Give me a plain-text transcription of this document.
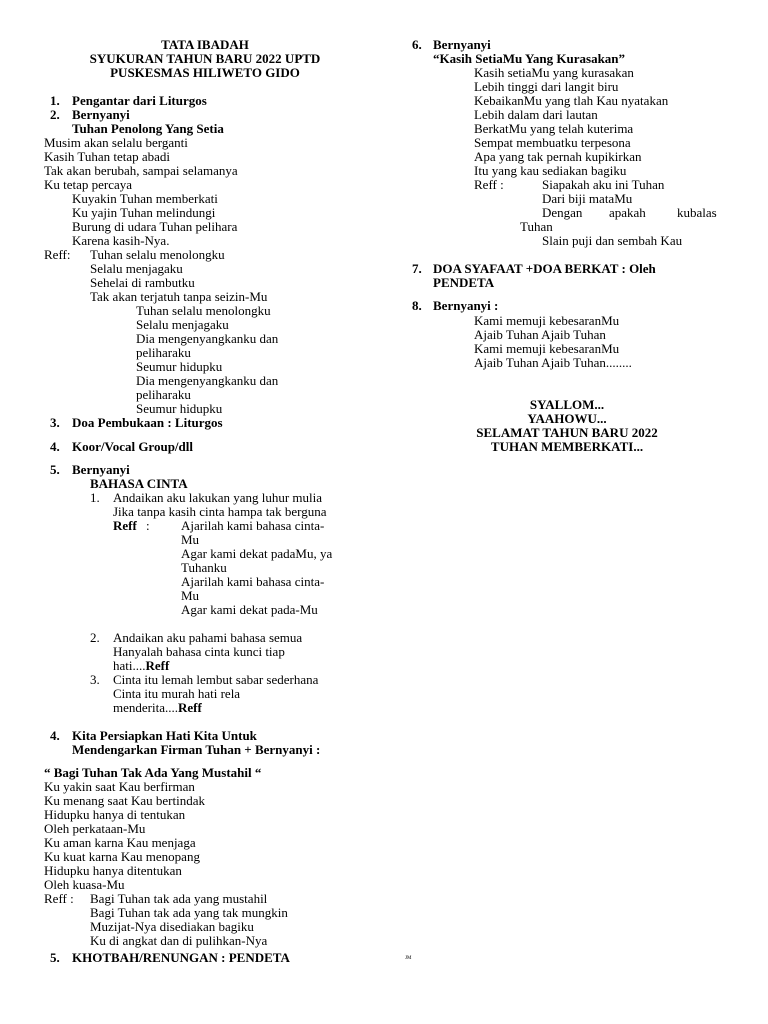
TATA IBADAH
SYUKURAN TAHUN BARU 2022 UPTD
PUSKESMAS HILIWETO GIDO
1. Pengantar dari Liturgos
2. Bernyanyi
Tuhan Penolong Yang Setia
Musim akan selalu berganti
Kasih Tuhan tetap abadi
Tak akan berubah, sampai selamanya
Ku tetap percaya
Kuyakin Tuhan memberkati
Ku yajin Tuhan melindungi
Burung di udara Tuhan pelihara
Karena kasih-Nya.
Reff: Tuhan selalu menolongku
Selalu menjagaku
Sehelai di rambutku
Tak akan terjatuh tanpa seizin-Mu
Tuhan selalu menolongku
Selalu menjagaku
Dia mengenyangkanku dan
peliharaku
Seumur hidupku
Dia mengenyangkanku dan
peliharaku
Seumur hidupku
3. Doa Pembukaan : Liturgos
4. Koor/Vocal Group/dll
5. Bernyanyi
BAHASA CINTA
1. Andaikan aku lakukan yang luhur mulia
Jika tanpa kasih cinta hampa tak berguna
Reff : Ajarilah kami bahasa cinta-
Mu
Agar kami dekat padaMu, ya
Tuhanku
Ajarilah kami bahasa cinta-
Mu
Agar kami dekat pada-Mu
2. Andaikan aku pahami bahasa semua
Hanyalah bahasa cinta kunci tiap
hati....Reff
3. Cinta itu lemah lembut sabar sederhana
Cinta itu murah hati rela
menderita....Reff
4. Kita Persiapkan Hati Kita Untuk
Mendengarkan Firman Tuhan + Bernyanyi :
“ Bagi Tuhan Tak Ada Yang Mustahil “
Ku yakin saat Kau berfirman
Ku menang saat Kau bertindak
Hidupku hanya di tentukan
Oleh perkataan-Mu
Ku aman karna Kau menjaga
Ku kuat karna Kau menopang
Hidupku hanya ditentukan
Oleh kuasa-Mu
Reff : Bagi Tuhan tak ada yang mustahil
Bagi Tuhan tak ada yang tak mungkin
Muzijat-Nya disediakan bagiku
Ku di angkat dan di pulihkan-Nya
5. KHOTBAH/RENUNGAN : PENDETA
6. Bernyanyi
“Kasih SetiaMu Yang Kurasakan”
Kasih setiaMu yang kurasakan
Lebih tinggi dari langit biru
KebaikanMu yang tlah Kau nyatakan
Lebih dalam dari lautan
BerkatMu yang telah kuterima
Sempat membuatku terpesona
Apa yang tak pernah kupikirkan
Itu yang kau sediakan bagiku
Reff :	Siapakah aku ini Tuhan
Dari biji mataMu
Dengan apakah kubalas
Tuhan
Slain puji dan sembah Kau
7. DOA SYAFAAT +DOA BERKAT : Oleh
PENDETA
8. Bernyanyi :
Kami memuji kebesaranMu
Ajaib Tuhan Ajaib Tuhan
Kami memuji kebesaranMu
Ajaib Tuhan Ajaib Tuhan........
SYALLOM...
YAAHOWU...
SELAMAT TAHUN BARU 2022
TUHAN MEMBERKATI...
JM
